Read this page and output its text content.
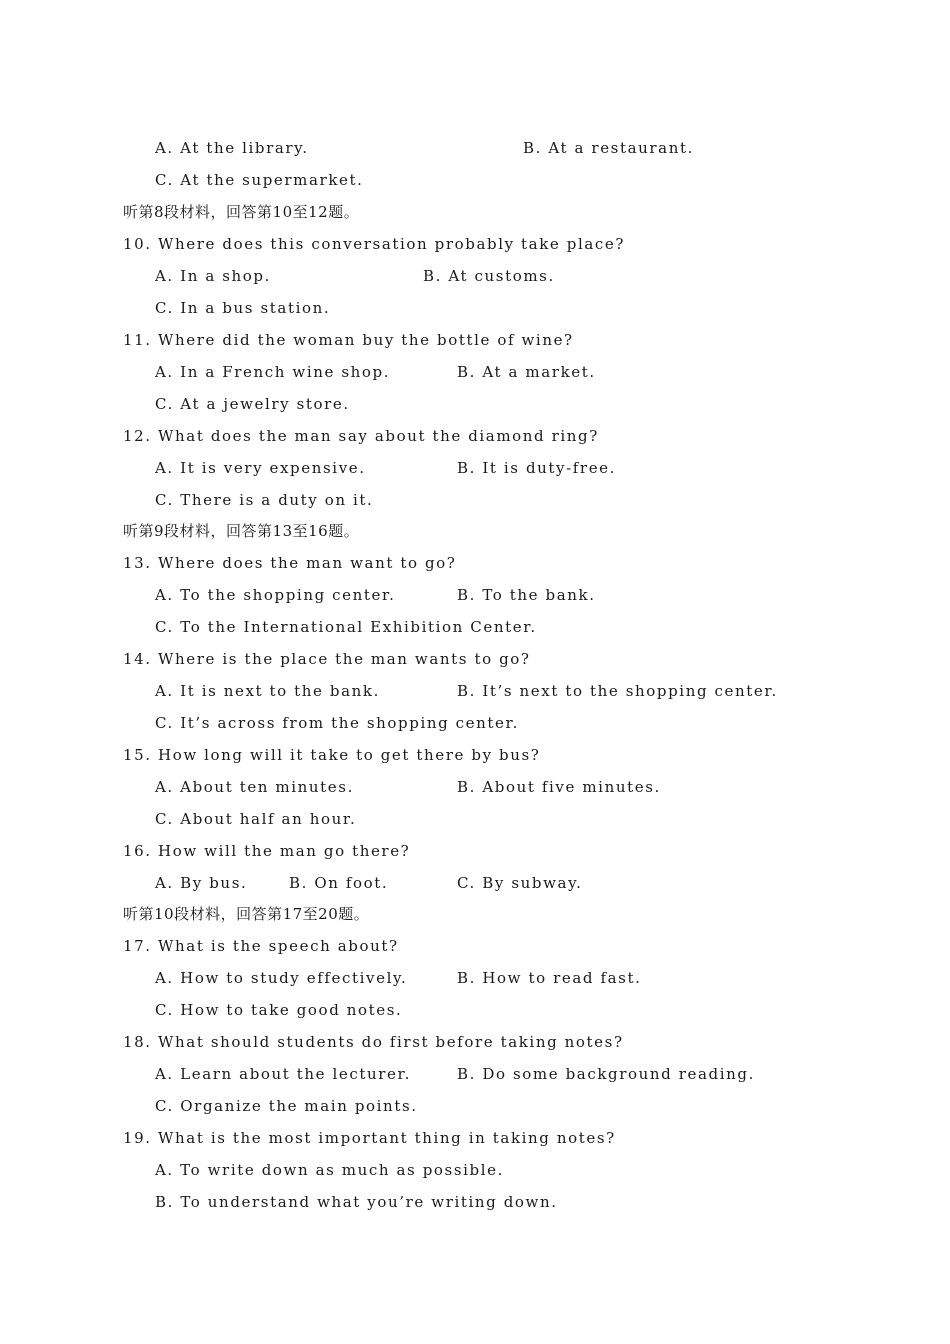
A. At the library.	B. At a restaurant.
C. At the supermarket.
听第8段材料，回答第10至12题。
10. Where does this conversation probably take place?
A. In a shop.	B. At customs.
C. In a bus station.
11. Where did the woman buy the bottle of wine?
A. In a French wine shop.	B. At a market.
C. At a jewelry store.
12. What does the man say about the diamond ring?
A. It is very expensive.	B. It is duty-free.
C. There is a duty on it.
听第9段材料，回答第13至16题。
13. Where does the man want to go?
A. To the shopping center.	B. To the bank.
C. To the International Exhibition Center.
14. Where is the place the man wants to go?
A. It is next to the bank.	B. It’s next to the shopping center.
C. It’s across from the shopping center.
15. How long will it take to get there by bus?
A. About ten minutes.	B. About five minutes.
C. About half an hour.
16. How will the man go there?
A. By bus.	B. On foot.	C. By subway.
听第10段材料，回答第17至20题。
17. What is the speech about?
A. How to study effectively.	B. How to read fast.
C. How to take good notes.
18. What should students do first before taking notes?
A. Learn about the lecturer.	B. Do some background reading.
C. Organize the main points.
19. What is the most important thing in taking notes?
A. To write down as much as possible.
B. To understand what you’re writing down.
